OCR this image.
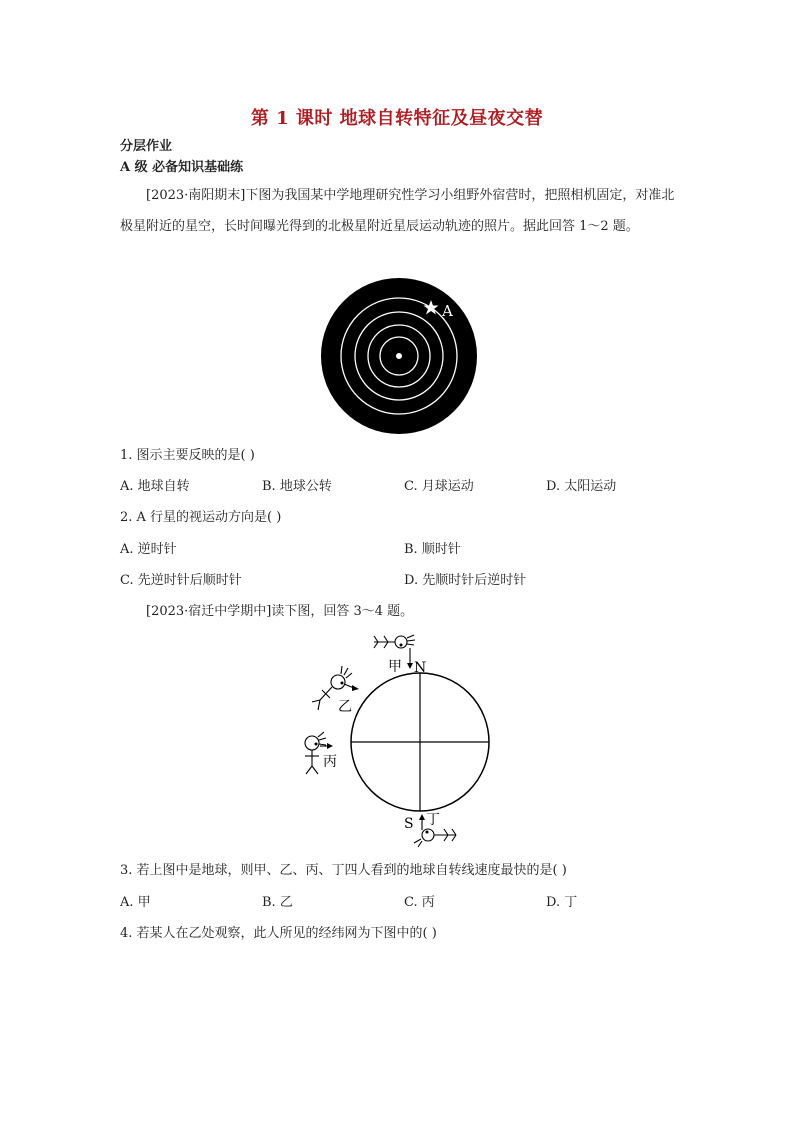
第 1 课时 地球自转特征及昼夜交替
分层作业
A 级 必备知识基础练
[2023·南阳期末]下图为我国某中学地理研究性学习小组野外宿营时，把照相机固定，对准北极星附近的星空，长时间曝光得到的北极星附近星辰运动轨迹的照片。据此回答 1～2 题。
A
1. 图示主要反映的是( )
A. 地球自转	B. 地球公转	C. 月球运动	D. 太阳运动
2. A 行星的视运动方向是( )
A. 逆时针	B. 顺时针
C. 先逆时针后顺时针	D. 先顺时针后逆时针
[2023·宿迁中学期中]读下图，回答 3～4 题。
甲 N
乙
丙
S 丁
3. 若上图中是地球，则甲、乙、丙、丁四人看到的地球自转线速度最快的是( )
A. 甲	B. 乙	C. 丙	D. 丁
4. 若某人在乙处观察，此人所见的经纬网为下图中的( )
